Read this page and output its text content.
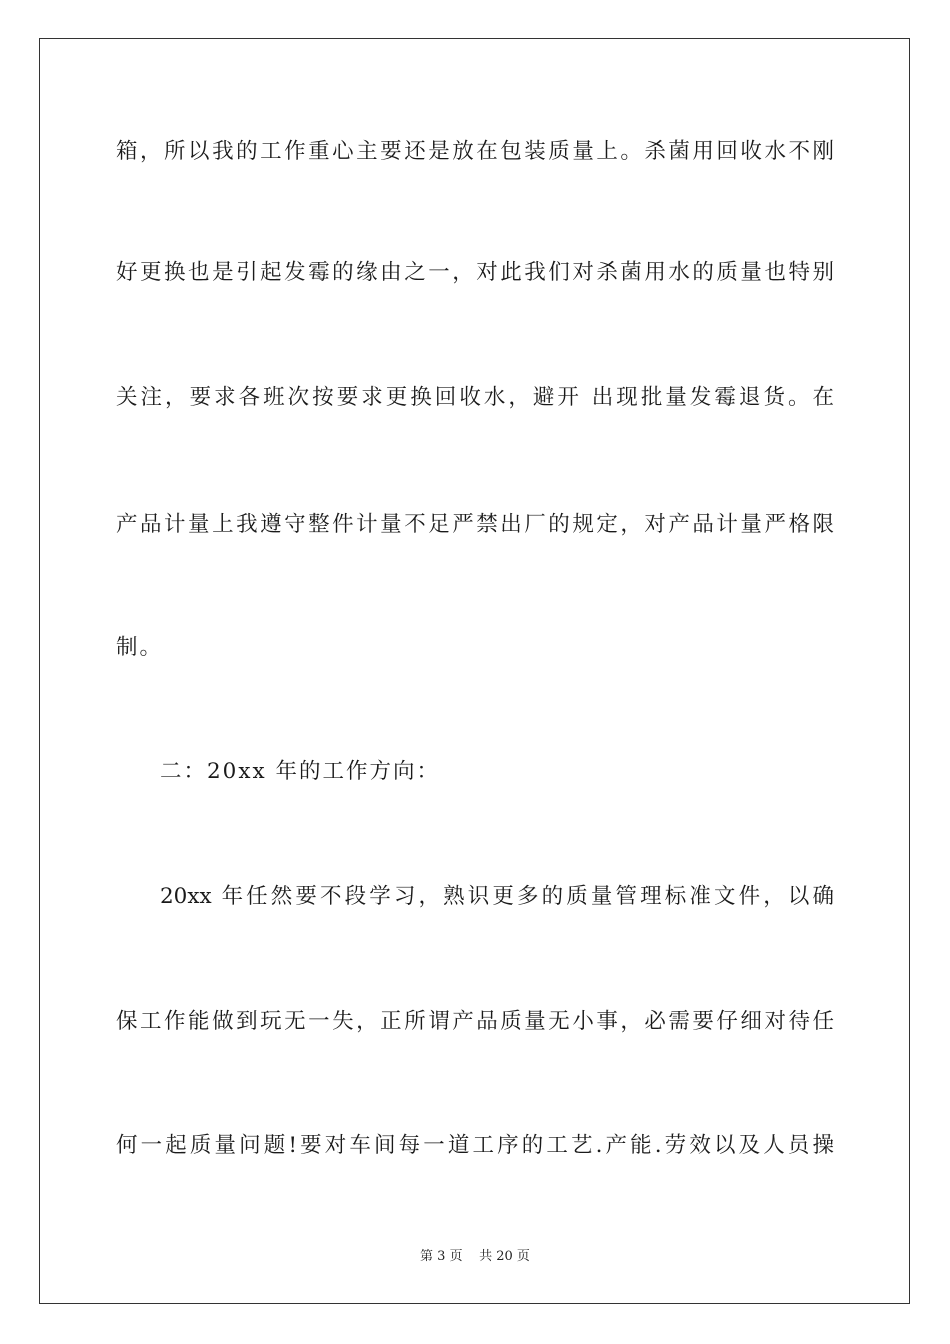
箱，所以我的工作重心主要还是放在包装质量上。杀菌用回收水不刚
好更换也是引起发霉的缘由之一，对此我们对杀菌用水的质量也特别
关注，要求各班次按要求更换回收水，避开 出现批量发霉退货。在
产品计量上我遵守整件计量不足严禁出厂的规定，对产品计量严格限
制。
二：20xx 年的工作方向：
20xx 年任然要不段学习，熟识更多的质量管理标准文件，以确
保工作能做到玩无一失，正所谓产品质量无小事，必需要仔细对待任
何一起质量问题!要对车间每一道工序的工艺.产能.劳效以及人员操
第 3 页 共 20 页
